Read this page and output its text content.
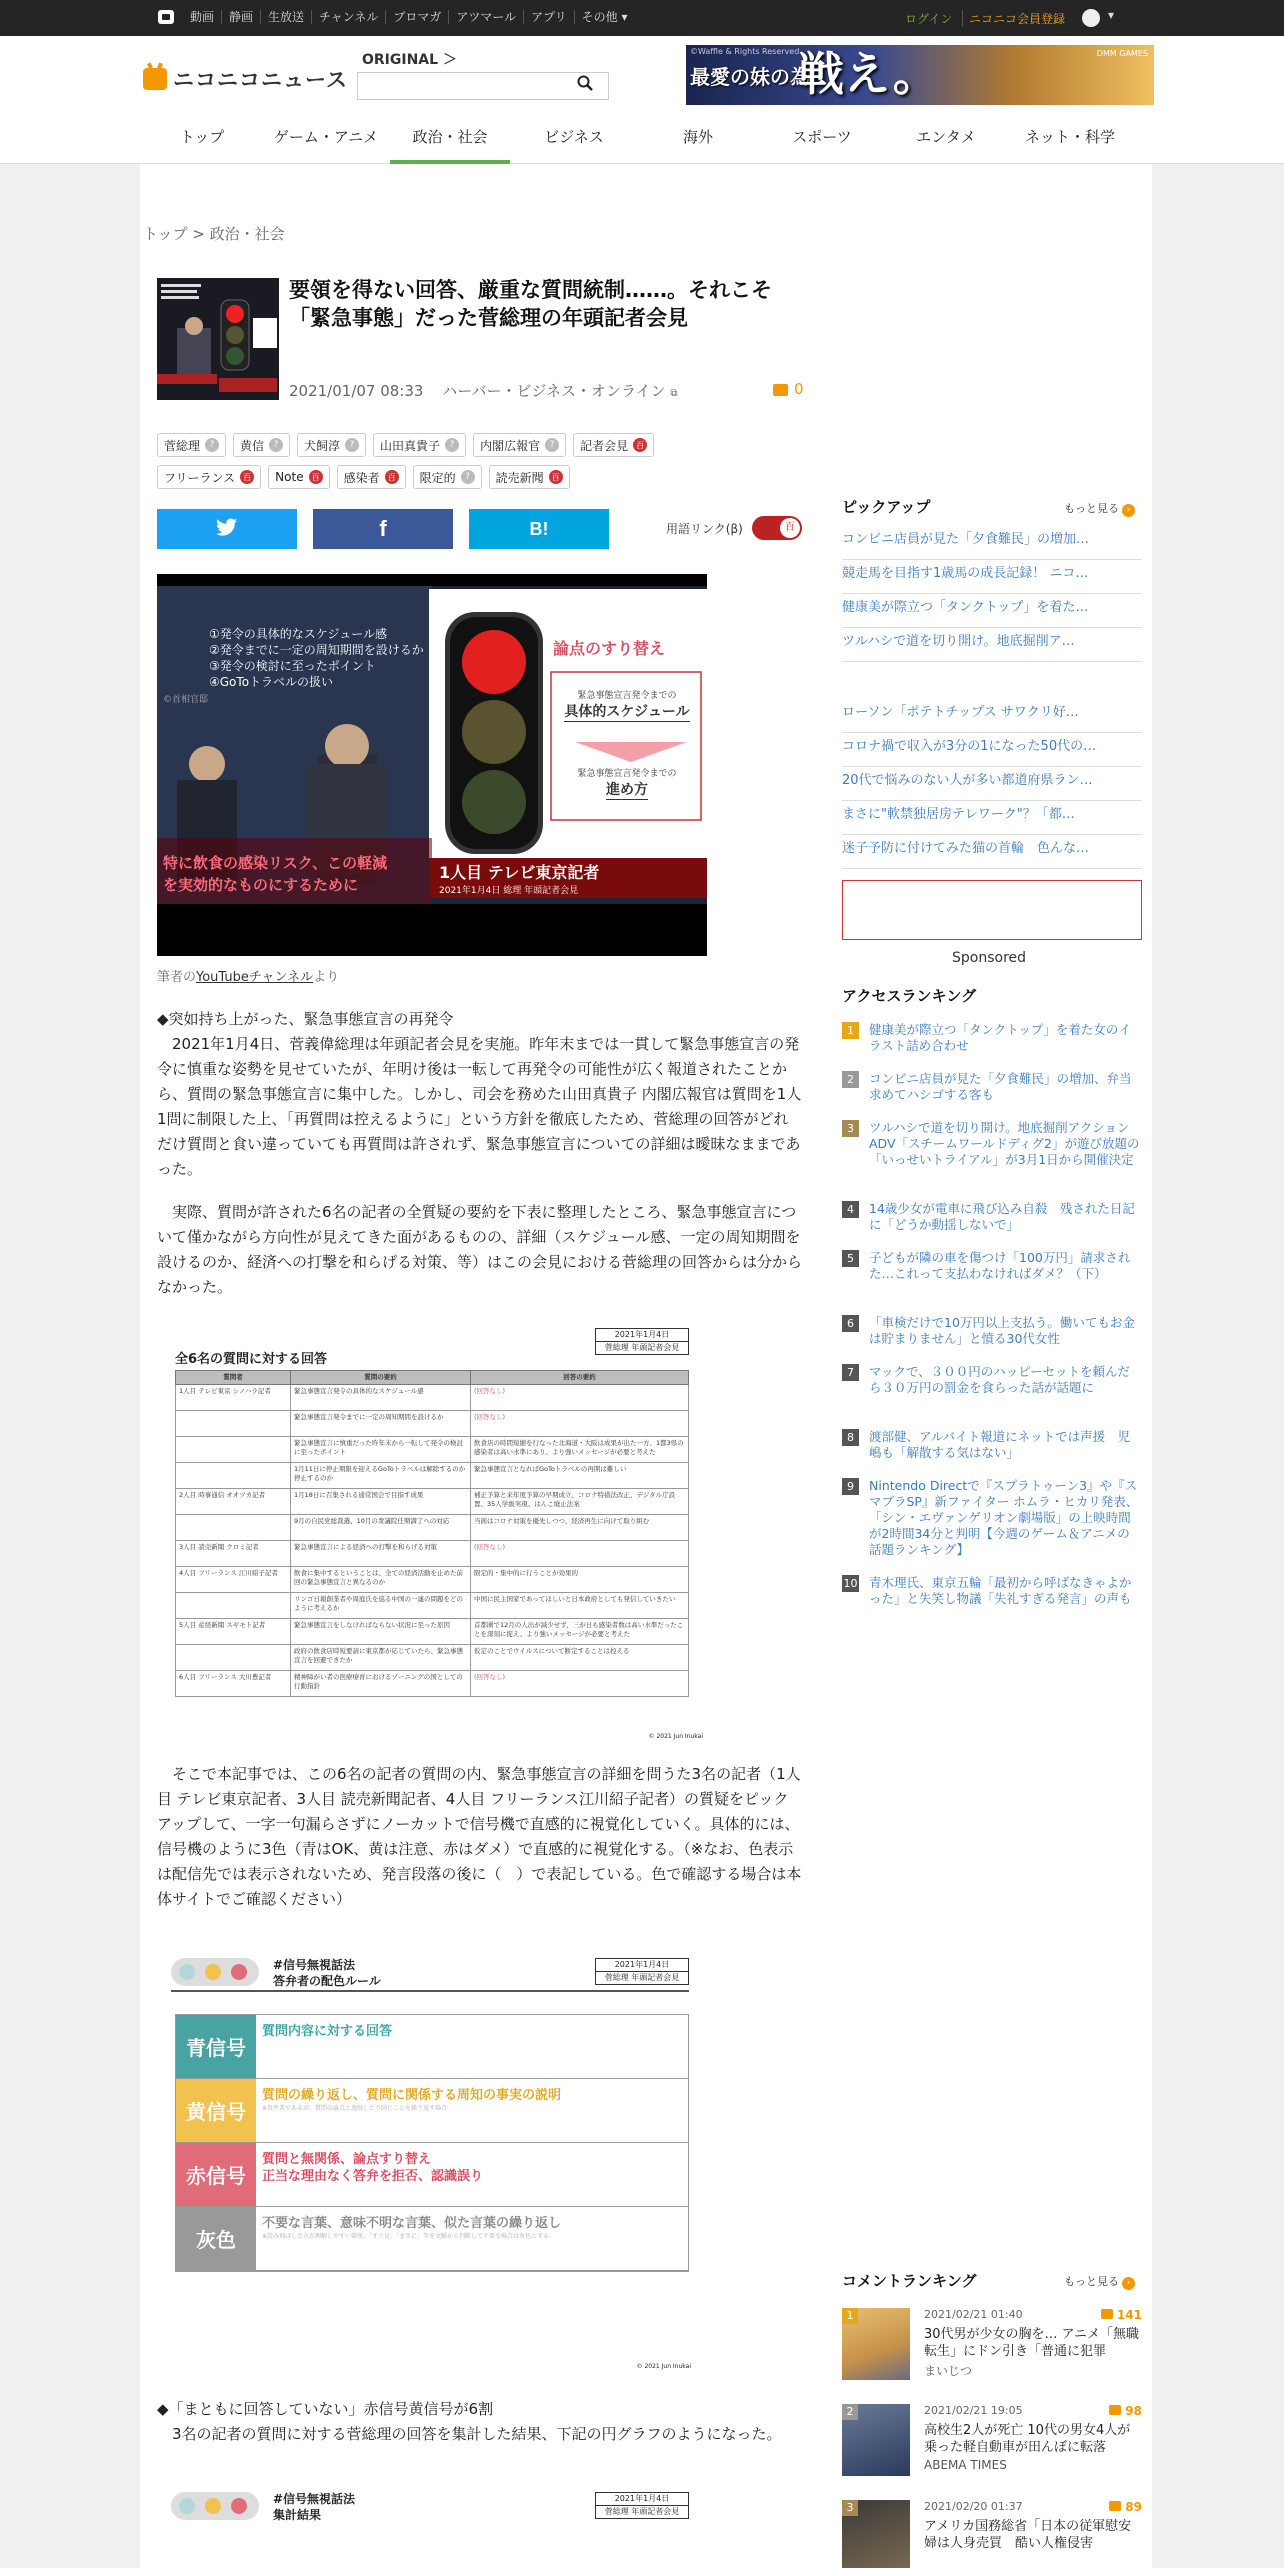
動画	静画	生放送	チャンネル	ブロマガ	アツマール	アプリ	その他 ▾	ログイン	ニコニコ会員登録	▾
ニコニコニュース
ORIGINAL ＞
©Waffle & Rights Reserved
最愛の妹の為、
戦え。	DMM GAMES
トップ	ゲーム・アニメ	政治・社会	ビジネス	海外	スポーツ	エンタメ	ネット・科学
トップ > 政治・社会
要領を得ない回答、厳重な質問統制……。それこそ「緊急事態」だった菅総理の年頭記者会見
2021/01/07 08:33 ハーバー・ビジネス・オンライン ⧉	0
菅総理	?	黄信	?	犬飼淳	?	山田真貴子	?	内閣広報官	?	記者会見	百
フリーランス	百 Note	百 感染者	百 限定的	?	読売新聞	百
f	B!	用語リンク(β)	百
①発令の具体的なスケジュール感
②発令までに一定の周知期間を設けるか
③発令の検討に至ったポイント
④GoToトラベルの扱い
©首相官邸
論点のすり替え
緊急事態宣言発令までの
具体的スケジュール
緊急事態宣言発令までの
進め方
特に飲食の感染リスク、この軽減
を実効的なものにするために
1人目 テレビ東京記者
2021年1月4日 総理 年頭記者会見
筆者のYouTubeチャンネルより
◆突如持ち上がった、緊急事態宣言の再発令
　2021年1月4日、菅義偉総理は年頭記者会見を実施。昨年末までは一貫して緊急事態宣言の発令に慎重な姿勢を見せていたが、年明け後は一転して再発令の可能性が広く報道されたことから、質問の緊急事態宣言に集中した。しかし、司会を務めた山田真貴子 内閣広報官は質問を1人1問に制限した上、「再質問は控えるように」という方針を徹底したため、菅総理の回答がどれだけ質問と食い違っていても再質問は許されず、緊急事態宣言についての詳細は曖昧なままであった。
　実際、質問が許された6名の記者の全質疑の要約を下表に整理したところ、緊急事態宣言について僅かながら方向性が見えてきた面があるものの、詳細（スケジュール感、一定の周知期間を設けるのか、経済への打撃を和らげる対策、等）はこの会見における菅総理の回答からは分からなかった。
全6名の質問に対する回答
2021年1月4日
菅総理 年頭記者会見
質問者	質問の要約	回答の要約
1人目 テレビ東京 シノハラ記者	緊急事態宣言発令の具体的なスケジュール感	(回答なし)
	緊急事態宣言発令までに一定の周知期間を設けるか	(回答なし)
	緊急事態宣言に慎重だった昨年末から一転して発令の検討に至ったポイント	飲食店の時間短縮を行なった北海道・大阪は成果が出た一方、1都3県の感染者は高い水準にあり、より強いメッセージが必要と考えた
	1月11日に停止期限を迎えるGoToトラベルは解除するのか停止するのか	緊急事態宣言となればGoToトラベルの再開は難しい
2人目 時事通信 オオツカ記者	1月18日に召集される通常国会で目指す成果	補正予算と来年度予算の早期成立、コロナ特措法改正、デジタル庁設置、35人学級実現、はんこ廃止法案
	9月の自民党総裁選、10月の衆議院任期満了への対応	当面はコロナ対策を優先しつつ、経済再生に向けて取り組む
3人目 読売新聞 クロミ記者	緊急事態宣言による経済への打撃を和らげる対策	(回答なし)
4人目 フリーランス 江川紹子記者	飲食に集中するということは、全ての経済活動を止めた前回の緊急事態宣言と異なるのか	限定的・集中的に行うことが効果的
	リンゴ日報創業者や周庭氏を巡る中国の一連の問題をどのように考えるか	中国に民主国家であってほしいと日本政府としても発信していきたい
5人目 産経新聞 スギモト記者	緊急事態宣言をしなければならない状況に至った原因	首都圏で12月の人出が減少せず、三が日も感染者数は高い水準だったことを深刻に捉え、より強いメッセージが必要と考えた
	政府の飲食店時短要請に東京都が応じていたら、緊急事態宣言を回避できたか	仮定のことでウイルスについて断定することは控える
6人目 フリーランス 大川豊記者	精神障がい者の医療療育におけるゾーニングの国としての行動指針	(回答なし)
© 2021 Jun Inukai
　そこで本記事では、この6名の記者の質問の内、緊急事態宣言の詳細を問うた3名の記者（1人目 テレビ東京記者、3人目 読売新聞記者、4人目 フリーランス江川紹子記者）の質疑をピックアップして、一字一句漏らさずにノーカットで信号機で直感的に視覚化していく。具体的には、信号機のように3色（青はOK、黄は注意、赤はダメ）で直感的に視覚化する。（※なお、色表示は配信先では表示されないため、発言段落の後に（　）で表記している。色で確認する場合は本体サイトでご確認ください）
#信号無視話法
答弁者の配色ルール
2021年1月4日
菅総理 年頭記者会見
青信号
質問内容に対する回答
黄信号
質問の繰り返し、質問に関係する周知の事実の説明
※答弁者であるが、質問の論点と逸脱したり同じことを繰り返す場合
赤信号
質問と無関係、論点すり替え
正当な理由なく答弁を拒否、認識誤り
灰色
不要な言葉、意味不明な言葉、似た言葉の繰り返し
※読み飛ばした方が理解しやすい箇所。「すぐ見」「まさに」等を文脈から判断して不要な場合は灰色とする
© 2021 Jun Inukai
◆「まともに回答していない」赤信号黄信号が6割
　3名の記者の質問に対する菅総理の回答を集計した結果、下記の円グラフのようになった。
#信号無視話法
集計結果
2021年1月4日
菅総理 年頭記者会見
ピックアップ	もっと見る ›
コンビニ店員が見た「夕食難民」の増加…
競走馬を目指す1歳馬の成長記録！ ニコ…
健康美が際立つ「タンクトップ」を着た…
ツルハシで道を切り開け。地底掘削ア…
ローソン「ポテトチップス サワクリ好…
コロナ禍で収入が3分の1になった50代の…
20代で悩みのない人が多い都道府県ラン…
まさに"軟禁独居房テレワーク"？「都…
迷子予防に付けてみた猫の首輪　色んな…
Sponsored
アクセスランキング
1	健康美が際立つ「タンクトップ」を着た女のイラスト詰め合わせ
2	コンビニ店員が見た「夕食難民」の増加、弁当求めてハシゴする客も
3	ツルハシで道を切り開け。地底掘削アクションADV「スチームワールドディグ2」が遊び放題の「いっせいトライアル」が3月1日から開催決定
4	14歳少女が電車に飛び込み自殺　残された日記に「どうか動揺しないで」
5	子どもが隣の車を傷つけ「100万円」請求された…これって支払わなければダメ？（下）
6	「車検だけで10万円以上支払う。働いてもお金は貯まりません」と憤る30代女性
7	マックで、３００円のハッピーセットを頼んだら３０万円の罰金を食らった話が話題に
8	渡部健、アルバイト報道にネットでは声援　児嶋も「解散する気はない」
9	Nintendo Directで『スプラトゥーン3』や『スマブラSP』新ファイター ホムラ・ヒカリ発表、「シン・エヴァンゲリオン劇場版」の上映時間が2時間34分と判明【今週のゲーム＆アニメの話題ランキング】
10 青木理氏、東京五輪「最初から呼ばなきゃよかった」と失笑し物議「失礼すぎる発言」の声も
コメントランキング	もっと見る ›
1	2021/02/21 01:40	141
30代男が少女の胸を… アニメ「無職転生」にドン引き「普通に犯罪
まいじつ
2	2021/02/21 19:05	98
高校生2人が死亡 10代の男女4人が乗った軽自動車が田んぼに転落
ABEMA TIMES
3	2021/02/20 01:37	89
アメリカ国務総省「日本の従軍慰安婦は人身売買　酷い人権侵害
